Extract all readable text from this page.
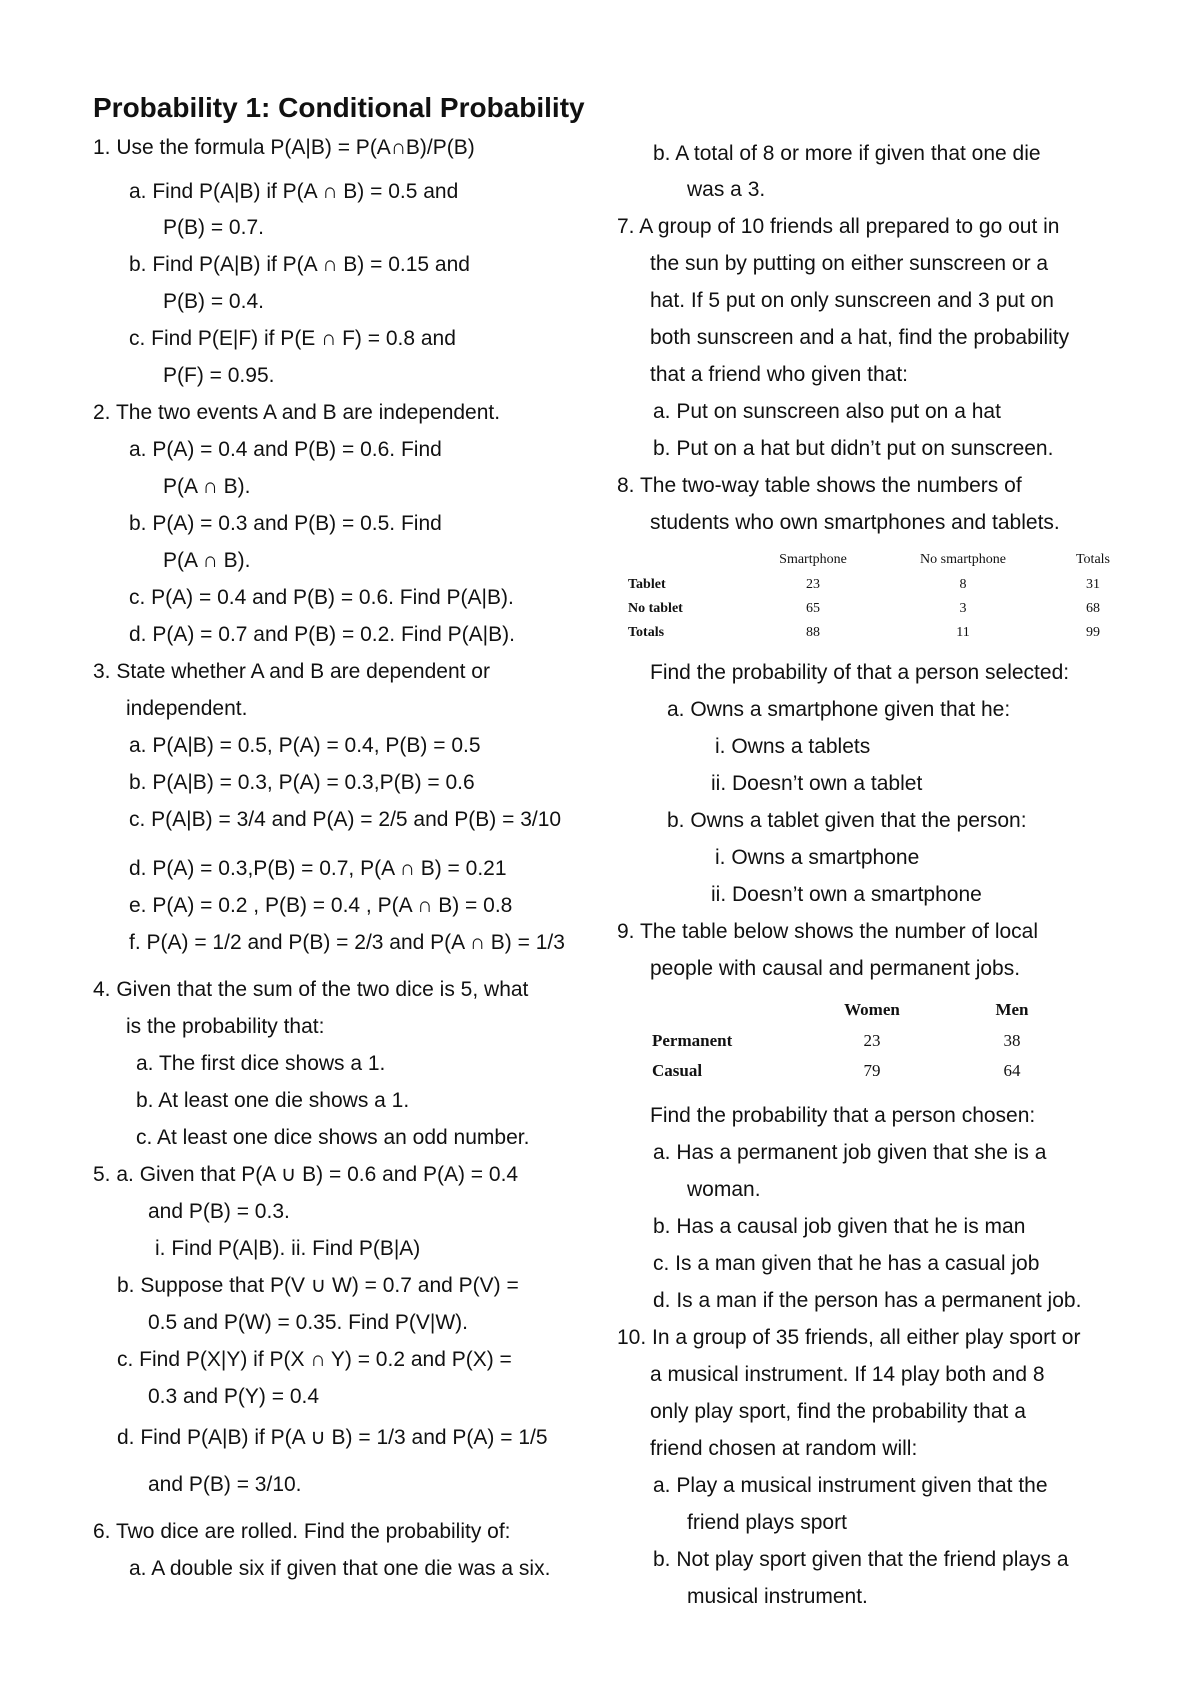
Probability 1: Conditional Probability
1. Use the formula P(A|B) = P(A∩B)/P(B)
a. Find P(A|B) if P(A ∩ B) = 0.5 and
P(B) = 0.7.
b. Find P(A|B) if P(A ∩ B) = 0.15 and
P(B) = 0.4.
c. Find P(E|F) if P(E ∩ F) = 0.8 and
P(F) = 0.95.
2. The two events A and B are independent.
a. P(A) = 0.4 and P(B) = 0.6. Find
P(A ∩ B).
b. P(A) = 0.3 and P(B) = 0.5. Find
P(A ∩ B).
c. P(A) = 0.4 and P(B) = 0.6. Find P(A|B).
d. P(A) = 0.7 and P(B) = 0.2. Find P(A|B).
3. State whether A and B are dependent or
independent.
a. P(A|B) = 0.5, P(A) = 0.4, P(B) = 0.5
b. P(A|B) = 0.3, P(A) = 0.3,P(B) = 0.6
c. P(A|B) = 3/4 and P(A) = 2/5 and P(B) = 3/10
d. P(A) = 0.3,P(B) = 0.7, P(A ∩ B) = 0.21
e. P(A) = 0.2 , P(B) = 0.4 , P(A ∩ B) = 0.8
f. P(A) = 1/2 and P(B) = 2/3 and P(A ∩ B) = 1/3
4. Given that the sum of the two dice is 5, what
is the probability that:
a. The first dice shows a 1.
b. At least one die shows a 1.
c. At least one dice shows an odd number.
5. a. Given that P(A ∪ B) = 0.6 and P(A) = 0.4
and P(B) = 0.3.
i. Find P(A|B). ii. Find P(B|A)
b. Suppose that P(V ∪ W) = 0.7 and P(V) =
0.5 and P(W) = 0.35. Find P(V|W).
c. Find P(X|Y) if P(X ∩ Y) = 0.2 and P(X) =
0.3 and P(Y) = 0.4
d. Find P(A|B) if P(A ∪ B) = 1/3 and P(A) = 1/5
and P(B) = 3/10.
6. Two dice are rolled. Find the probability of:
a. A double six if given that one die was a six.
b. A total of 8 or more if given that one die
was a 3.
7. A group of 10 friends all prepared to go out in
the sun by putting on either sunscreen or a
hat. If 5 put on only sunscreen and 3 put on
both sunscreen and a hat, find the probability
that a friend who given that:
a. Put on sunscreen also put on a hat
b. Put on a hat but didn’t put on sunscreen.
8. The two-way table shows the numbers of
students who own smartphones and tablets.
	Smartphone	No smartphone	Totals
Tablet	23	8	31
No tablet	65	3	68
Totals	88	11	99
Find the probability of that a person selected:
a. Owns a smartphone given that he:
i. Owns a tablets
ii. Doesn’t own a tablet
b. Owns a tablet given that the person:
i. Owns a smartphone
ii. Doesn’t own a smartphone
9. The table below shows the number of local
people with causal and permanent jobs.
	Women	Men
Permanent	23	38
Casual	79	64
Find the probability that a person chosen:
a. Has a permanent job given that she is a
woman.
b. Has a causal job given that he is man
c. Is a man given that he has a casual job
d. Is a man if the person has a permanent job.
10. In a group of 35 friends, all either play sport or
a musical instrument. If 14 play both and 8
only play sport, find the probability that a
friend chosen at random will:
a. Play a musical instrument given that the
friend plays sport
b. Not play sport given that the friend plays a
musical instrument.
